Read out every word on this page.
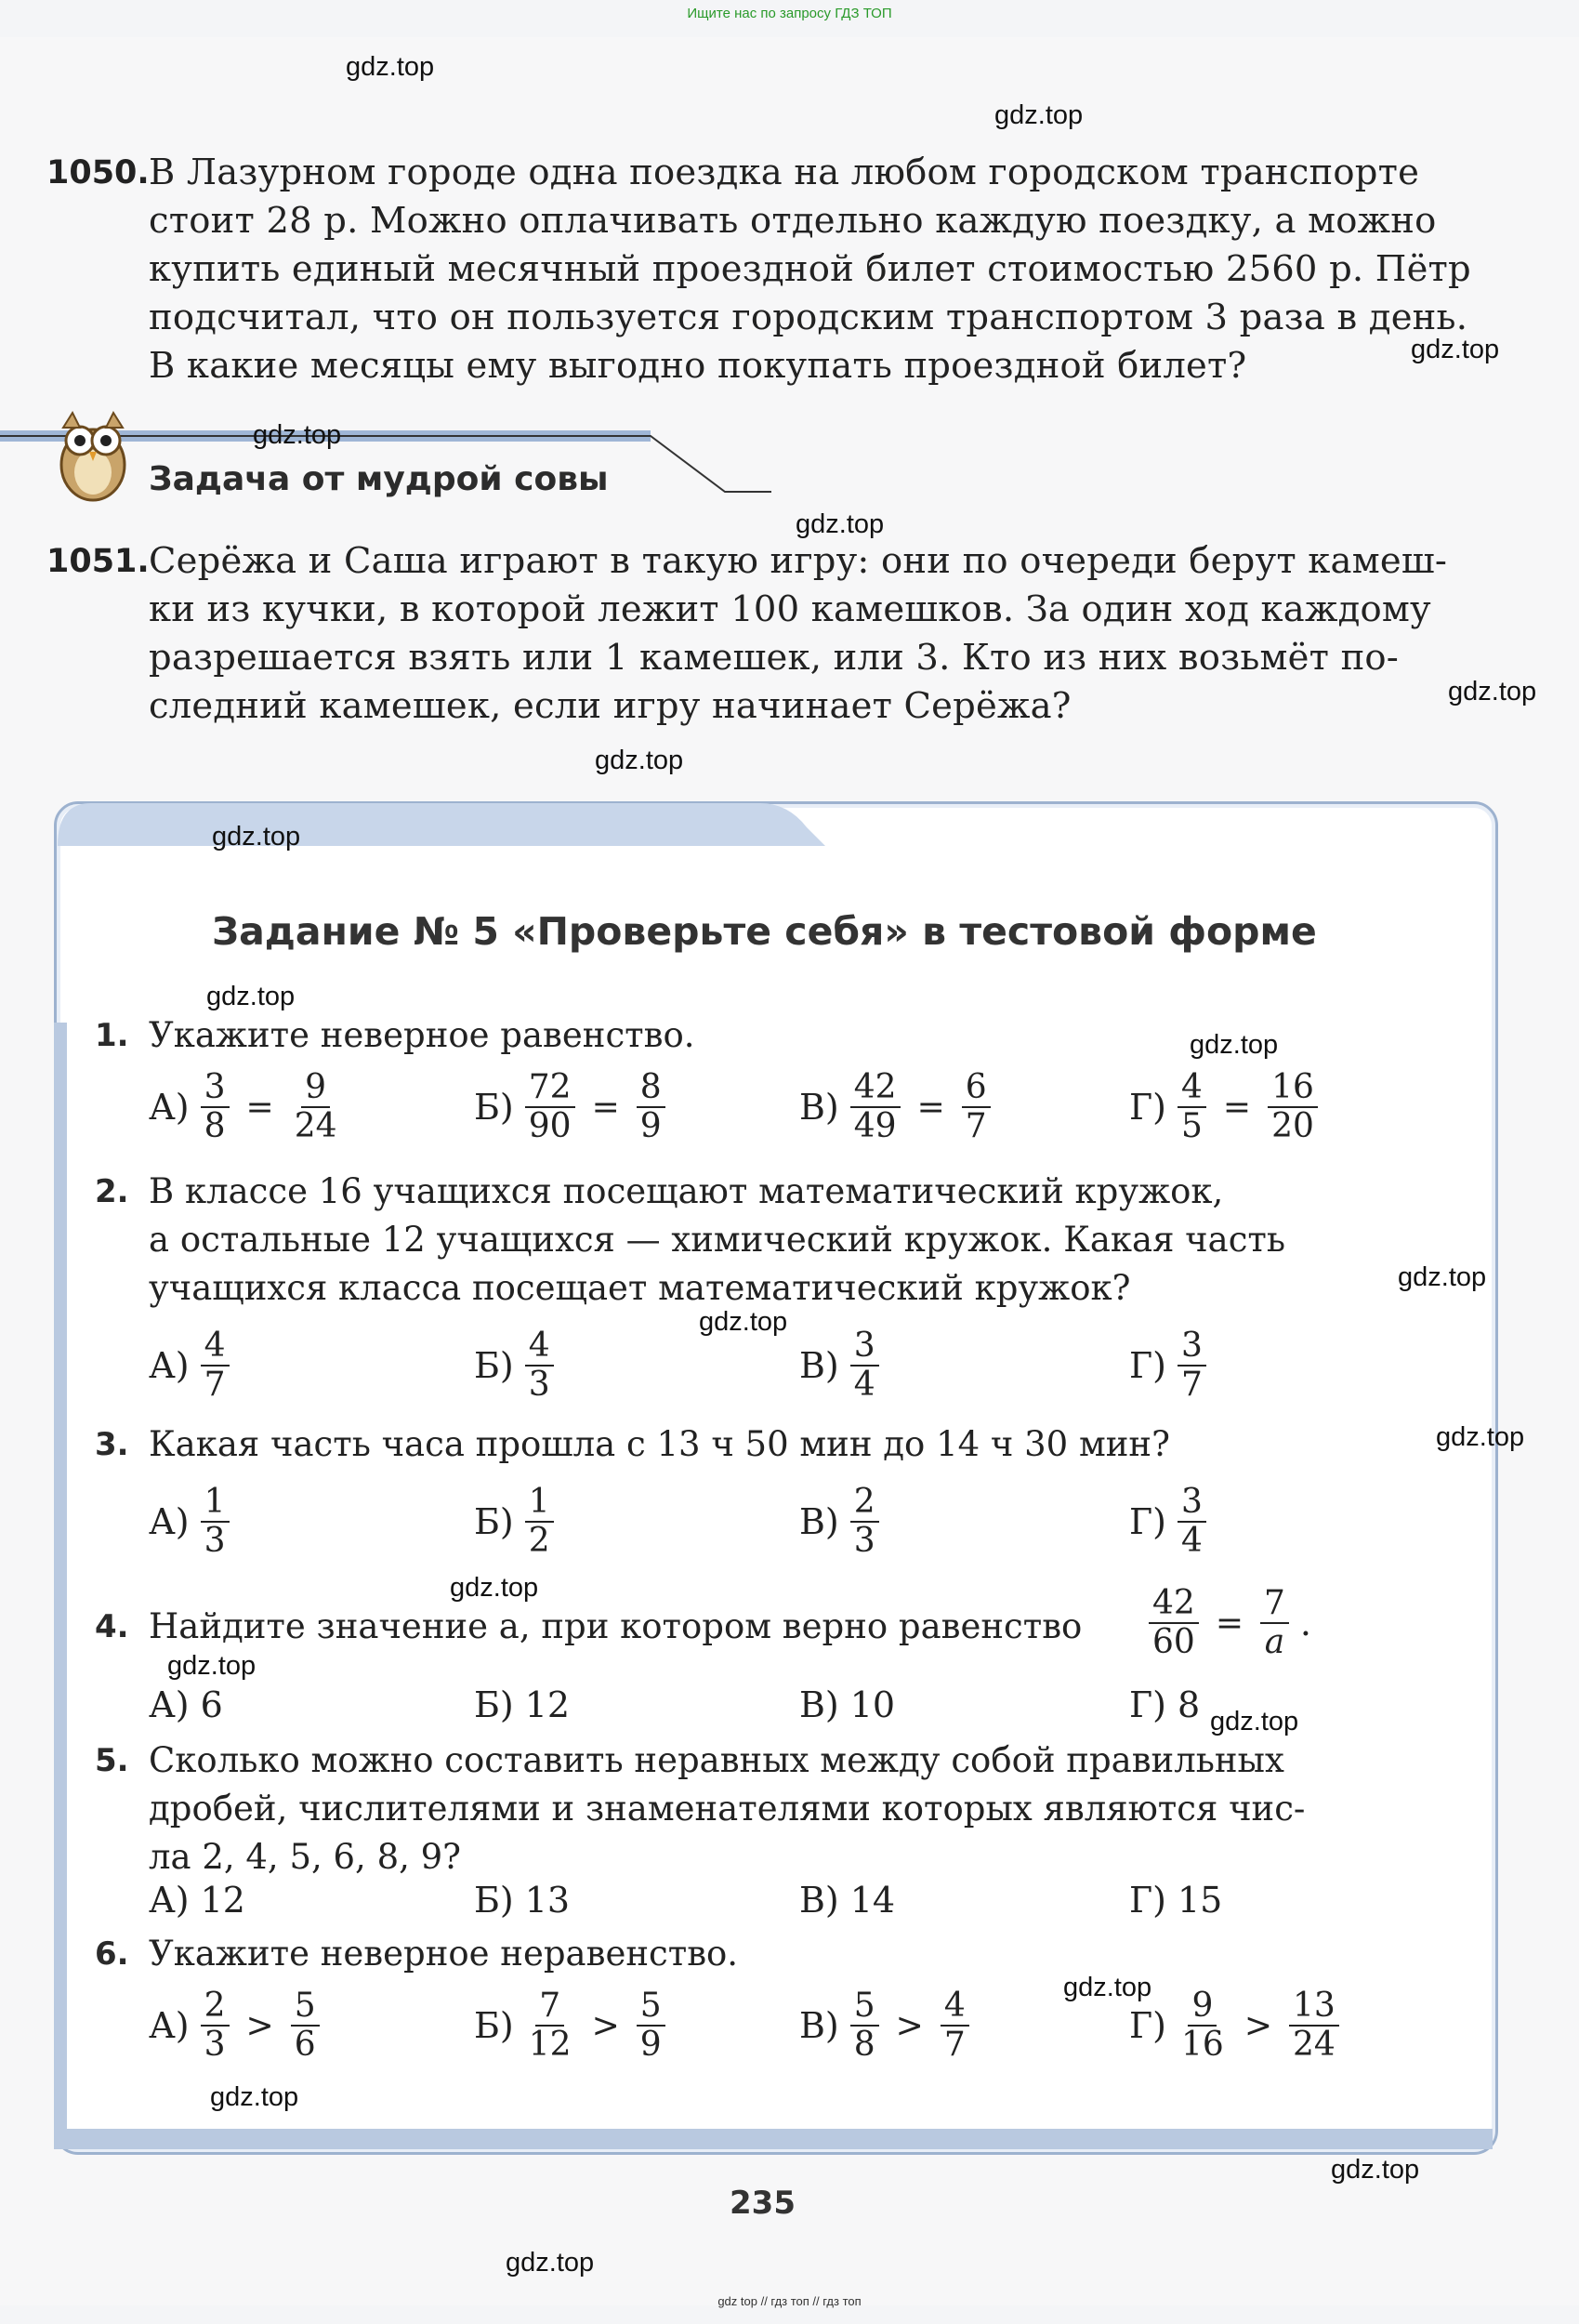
Ищите нас по запросу ГДЗ ТОП
1050. В Лазурном городе одна поездка на любом городском транспорте
стоит 28 р. Можно оплачивать отдельно каждую поездку, а можно
купить единый месячный проездной билет стоимостью 2560 р. Пётр
подсчитал, что он пользуется городским транспортом 3 раза в день.
В какие месяцы ему выгодно покупать проездной билет?
Задача от мудрой совы
1051. Серёжа и Саша играют в такую игру: они по очереди берут камеш-
ки из кучки, в которой лежит 100 камешков. За один ход каждому
разрешается взять или 1 камешек, или 3. Кто из них возьмёт по-
следний камешек, если игру начинает Серёжа?
Задание № 5 «Проверьте себя» в тестовой форме
1. Укажите неверное равенство.
$А) \frac{3}{8} = \frac{9}{24}$	$Б) \frac{72}{90} = \frac{8}{9}$	$В) \frac{42}{49} = \frac{6}{7}$	$Г) \frac{4}{5} = \frac{16}{20}$
2. В классе 16 учащихся посещают математический кружок,
а остальные 12 учащихся — химический кружок. Какая часть
учащихся класса посещает математический кружок?
$А) \frac{4}{7}$	$Б) \frac{4}{3}$	$В) \frac{3}{4}$	$Г) \frac{3}{7}$
3. Какая часть часа прошла с 13 ч 50 мин до 14 ч 30 мин?
$А) \frac{1}{3}$	$Б) \frac{1}{2}$	$В) \frac{2}{3}$	$Г) \frac{3}{4}$
4. Найдите значение a, при котором верно равенство $\frac{42}{60} = \frac{7}{a}$ .
А) 6	Б) 12	В) 10	Г) 8
5. Сколько можно составить неравных между собой правильных
дробей, числителями и знаменателями которых являются чис-
ла 2, 4, 5, 6, 8, 9?
А) 12	Б) 13	В) 14	Г) 15
6. Укажите неверное неравенство.
$А) \frac{2}{3} > \frac{5}{6}$	$Б) \frac{7}{12} > \frac{5}{9}$	$В) \frac{5}{8} > \frac{4}{7}$	$Г) \frac{9}{16} > \frac{13}{24}$
235
gdz.top
gdz.top
gdz.top
gdz.top
gdz.top
gdz.top
gdz.top
gdz.top
gdz.top
gdz.top
gdz.top
gdz.top
gdz.top
gdz.top
gdz.top
gdz.top
gdz.top
gdz.top
gdz.top
gdz.top
gdz top // гдз топ // гдз топ
